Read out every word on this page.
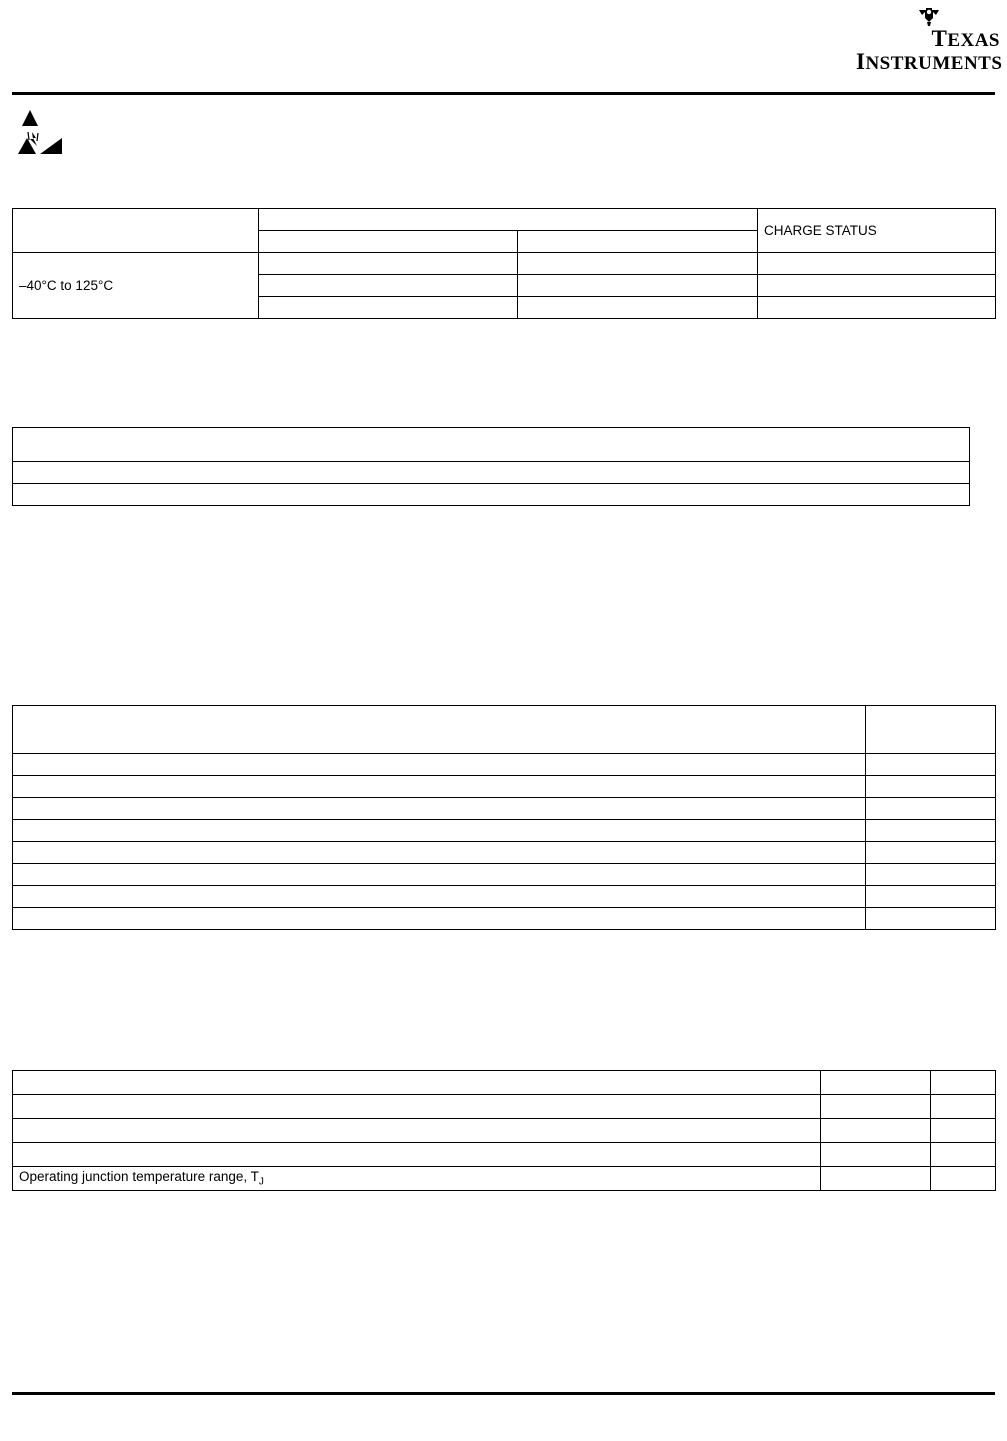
TEXAS
INSTRUMENTS
			CHARGE STATUS

–40°C to 125°C			

Operating junction temperature range, $T_J$		
